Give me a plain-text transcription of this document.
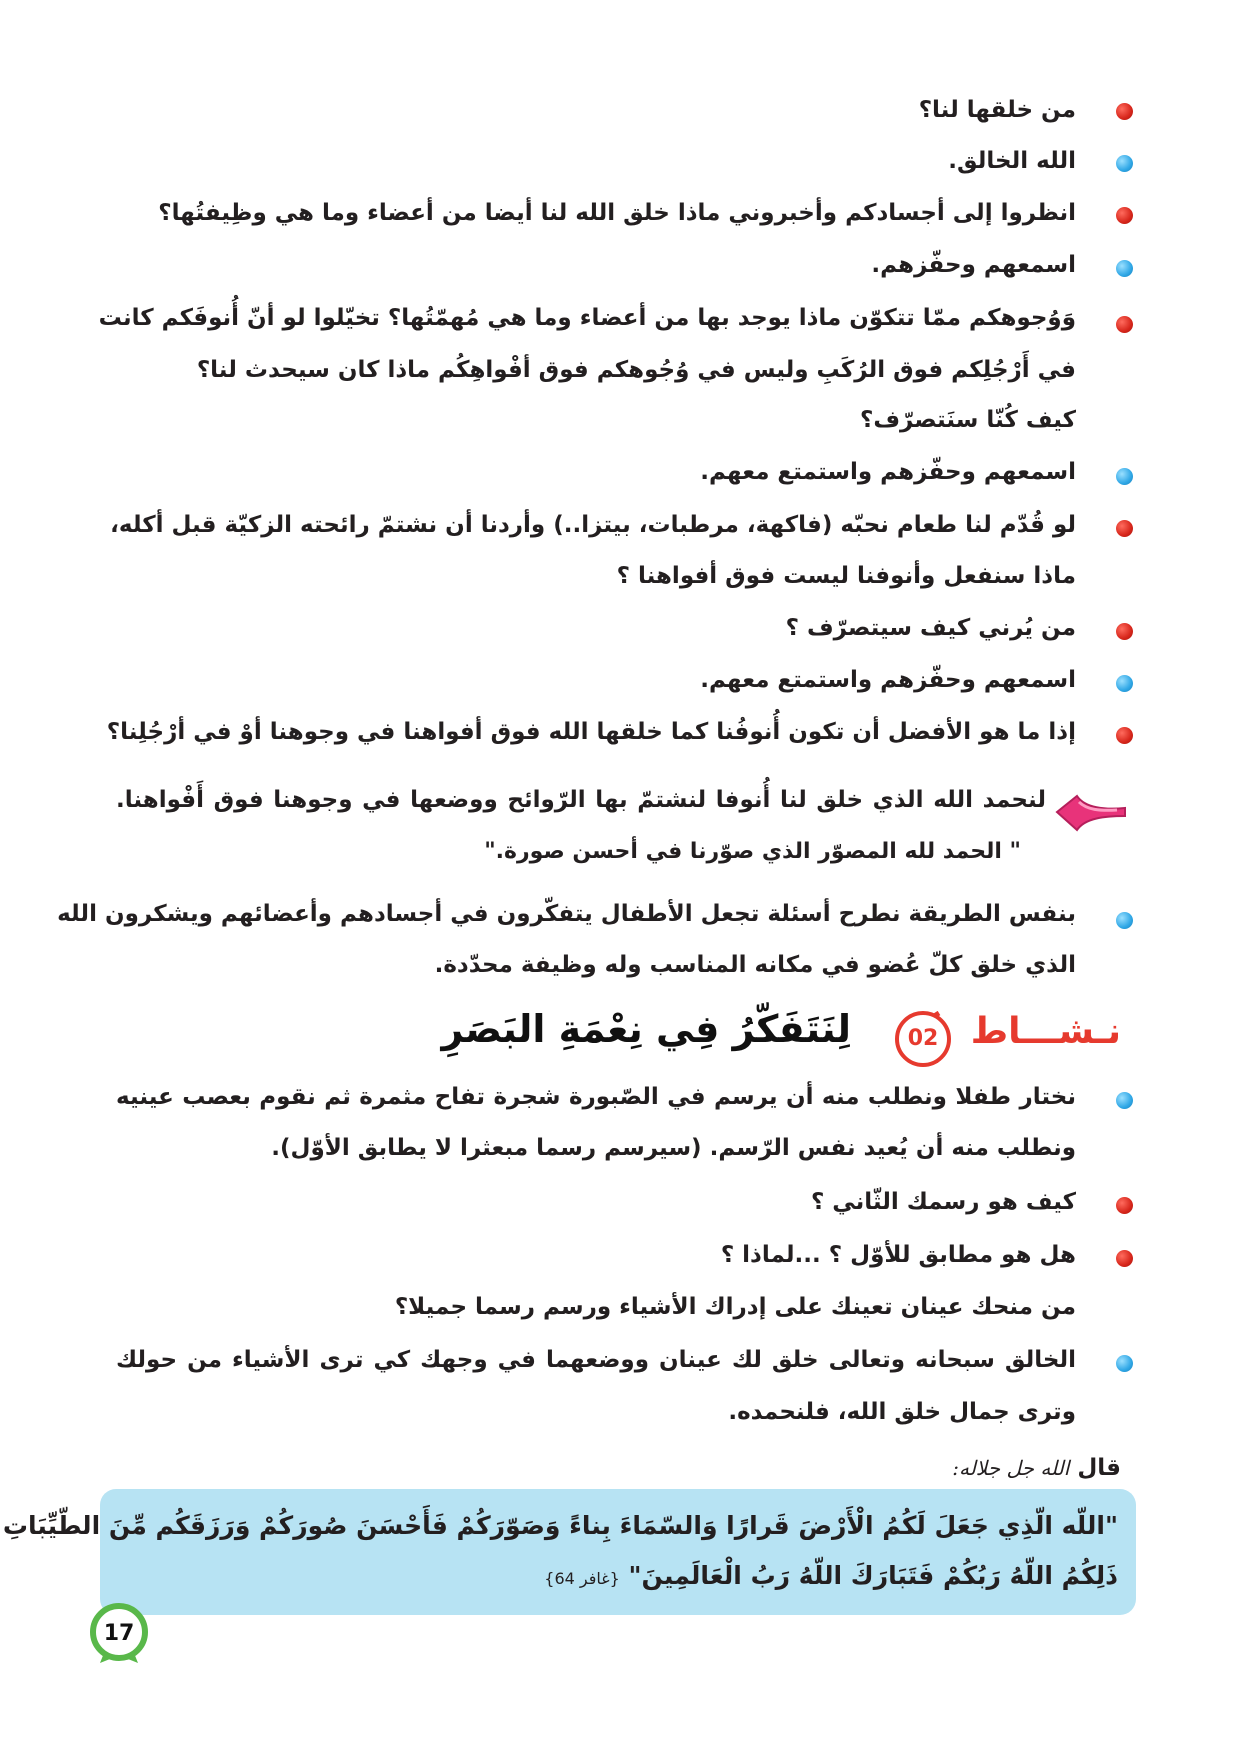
من خلقها لنا؟
الله الخالق.
انظروا إلى أجسادكم وأخبروني ماذا خلق الله لنا أيضا من أعضاء وما هي وظِيفتُها؟
اسمعهم وحفّزهم.
وَوُجوهكم ممّا تتكوّن ماذا يوجد بها من أعضاء وما هي مُهمّتُها؟ تخيّلوا لو أنّ أُنوفَكم كانت
في أَرْجُلِكم فوق الرُكَبِ وليس في وُجُوهكم فوق أفْواهِكُم ماذا كان سيحدث لنا؟
كيف كُنّا سنَتصرّف؟
اسمعهم وحفّزهم واستمتع معهم.
لو قُدّم لنا طعام نحبّه (فاكهة، مرطبات، بيتزا..) وأردنا أن نشتمّ رائحته الزكيّة قبل أكله،
ماذا سنفعل وأنوفنا ليست فوق أفواهنا ؟
من يُرني كيف سيتصرّف ؟
اسمعهم وحفّزهم واستمتع معهم.
إذا ما هو الأفضل أن تكون أُنوفُنا كما خلقها الله فوق أفواهنا في وجوهنا أوْ في أرْجُلِنا؟
لنحمد الله الذي خلق لنا أُنوفا لنشتمّ بها الرّوائح ووضعها في وجوهنا فوق أَفْواهنا.
" الحمد لله المصوّر الذي صوّرنا في أحسن صورة."
بنفس الطريقة نطرح أسئلة تجعل الأطفال يتفكّرون في أجسادهم وأعضائهم ويشكرون الله
الذي خلق كلّ عُضو في مكانه المناسب وله وظيفة محدّدة.
نـشـــاط
02
لِنَتَفَكّرُ فِي نِعْمَةِ البَصَرِ
نختار طفلا ونطلب منه أن يرسم في الصّبورة شجرة تفاح مثمرة ثم نقوم بعصب عينيه
ونطلب منه أن يُعيد نفس الرّسم. (سيرسم رسما مبعثرا لا يطابق الأوّل).
كيف هو رسمك الثّاني ؟
هل هو مطابق للأوّل ؟ ...لماذا ؟
من منحك عينان تعينك على إدراك الأشياء ورسم رسما جميلا؟
الخالق سبحانه وتعالى خلق لك عينان ووضعهما في وجهك كي ترى الأشياء من حولك
وترى جمال خلق الله، فلنحمده.
قال الله جل جلاله:
"اللّه الّذِي جَعَلَ لَكُمُ الْأَرْضَ قَرارًا وَالسّمَاءَ بِناءً وَصَوّرَكُمْ فَأَحْسَنَ صُورَكُمْ وَرَزَقَكُم مِّنَ الطّيِّبَاتِ
ذَلِكُمُ اللّهُ رَبُكُمْ فَتَبَارَكَ اللّهُ رَبُ الْعَالَمِينَ" {غافر 64}
17
